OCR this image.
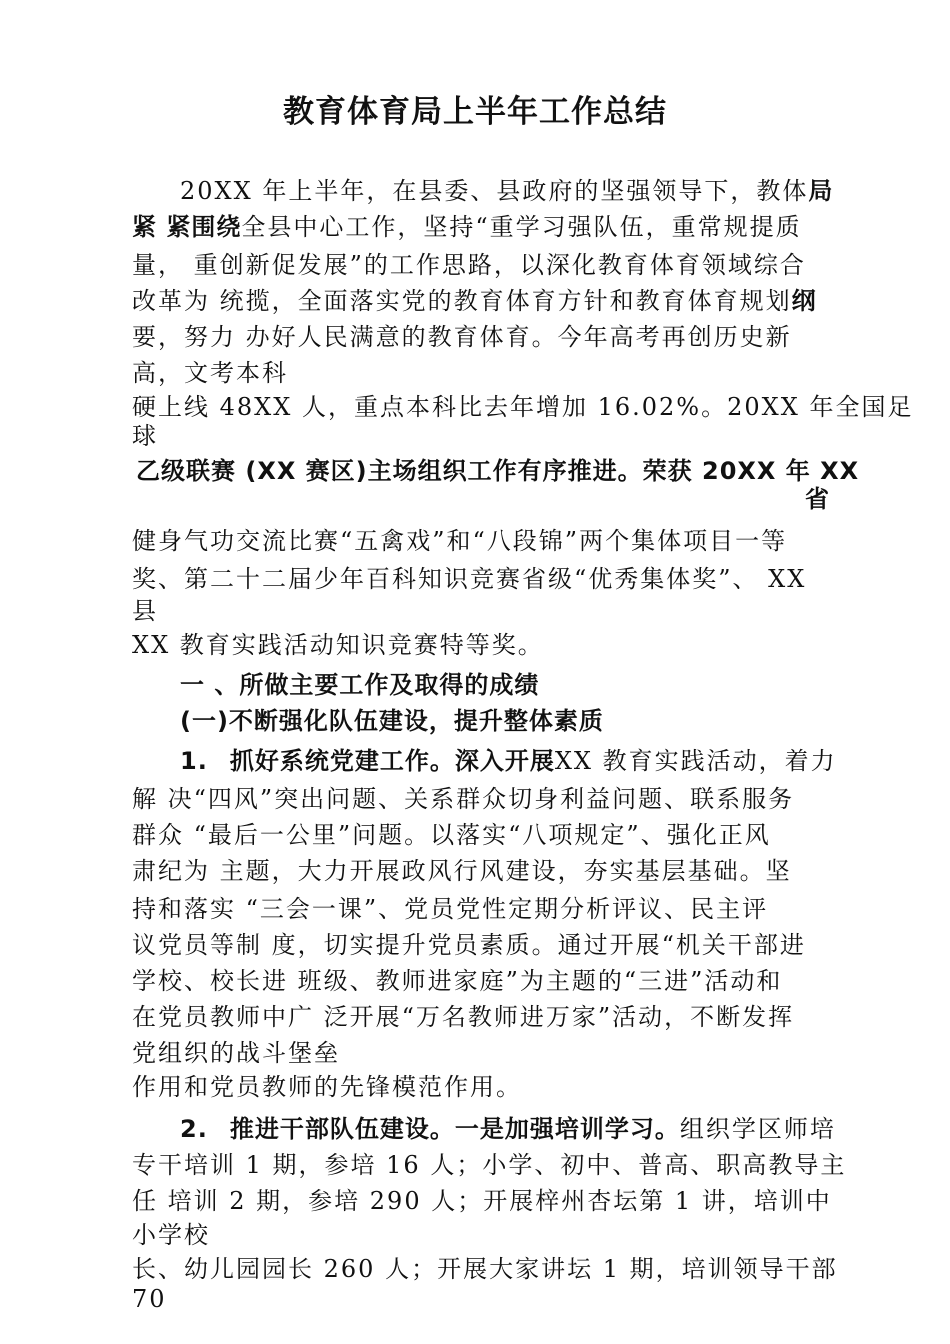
教育体育局上半年工作总结
20XX 年上半年，在县委、县政府的坚强领导下，教体局
紧 紧围绕全县中心工作，坚持“重学习强队伍，重常规提质
量， 重创新促发展”的工作思路，以深化教育体育领域综合
改革为 统揽，全面落实党的教育体育方针和教育体育规划纲
要，努力 办好人民满意的教育体育。今年高考再创历史新
高，文考本科
硬上线 48XX 人，重点本科比去年增加 16.02%。20XX 年全国足
球
乙级联赛 (XX 赛区)主场组织工作有序推进。荣获 20XX 年 XX
省
健身气功交流比赛“五禽戏”和“八段锦”两个集体项目一等
奖、第二十二届少年百科知识竞赛省级“优秀集体奖”、 XX
县
XX 教育实践活动知识竞赛特等奖。
一 、所做主要工作及取得的成绩
(一)不断强化队伍建设，提升整体素质
1. 抓好系统党建工作。深入开展XX 教育实践活动，着力
解 决“四风”突出问题、关系群众切身利益问题、联系服务
群众 “最后一公里”问题。以落实“八项规定”、强化正风
肃纪为 主题，大力开展政风行风建设，夯实基层基础。坚
持和落实 “三会一课”、党员党性定期分析评议、民主评
议党员等制 度，切实提升党员素质。通过开展“机关干部进
学校、校长进 班级、教师进家庭”为主题的“三进”活动和
在党员教师中广 泛开展“万名教师进万家”活动，不断发挥
党组织的战斗堡垒
作用和党员教师的先锋模范作用。
2. 推进干部队伍建设。一是加强培训学习。组织学区师培
专干培训 1 期，参培 16 人；小学、初中、普高、职高教导主
任 培训 2 期，参培 290 人；开展梓州杏坛第 1 讲，培训中
小学校
长、幼儿园园长 260 人；开展大家讲坛 1 期，培训领导干部
70
